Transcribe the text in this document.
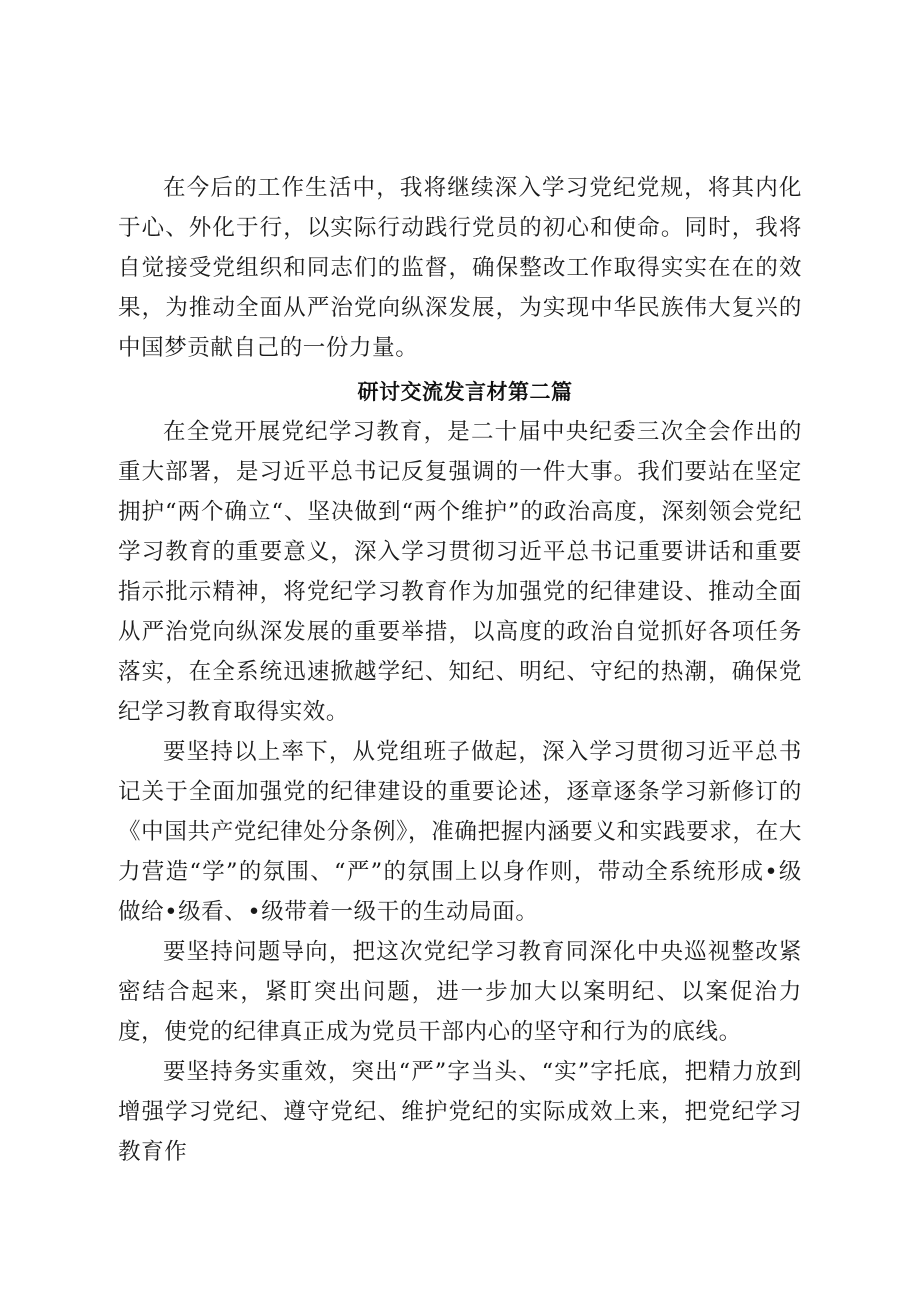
在今后的工作生活中，我将继续深入学习党纪党规，将其内化于心、外化于行，以实际行动践行党员的初心和使命。同时，我将自觉接受党组织和同志们的监督，确保整改工作取得实实在在的效果，为推动全面从严治党向纵深发展，为实现中华民族伟大复兴的中国梦贡献自己的一份力量。

研讨交流发言材第二篇

在全党开展党纪学习教育，是二十届中央纪委三次全会作出的重大部署，是习近平总书记反复强调的一件大事。我们要站在坚定拥护“两个确立“、坚决做到“两个维护”的政治高度，深刻领会党纪学习教育的重要意义，深入学习贯彻习近平总书记重要讲话和重要指示批示精神，将党纪学习教育作为加强党的纪律建设、推动全面从严治党向纵深发展的重要举措，以高度的政治自觉抓好各项任务落实，在全系统迅速掀越学纪、知纪、明纪、守纪的热潮，确保党纪学习教育取得实效。

要坚持以上率下，从党组班子做起，深入学习贯彻习近平总书记关于全面加强党的纪律建设的重要论述，逐章逐条学习新修订的《中国共产党纪律处分条例》，准确把握内涵要义和实践要求，在大力营造“学”的氛围、“严”的氛围上以身作则，带动全系统形成•级做给•级看、•级带着一级干的生动局面。

要坚持问题导向，把这次党纪学习教育同深化中央巡视整改紧密结合起来，紧盯突出问题，进一步加大以案明纪、以案促治力度，使党的纪律真正成为党员干部内心的坚守和行为的底线。

要坚持务实重效，突出“严”字当头、“实”字托底，把精力放到增强学习党纪、遵守党纪、维护党纪的实际成效上来，把党纪学习教育作
